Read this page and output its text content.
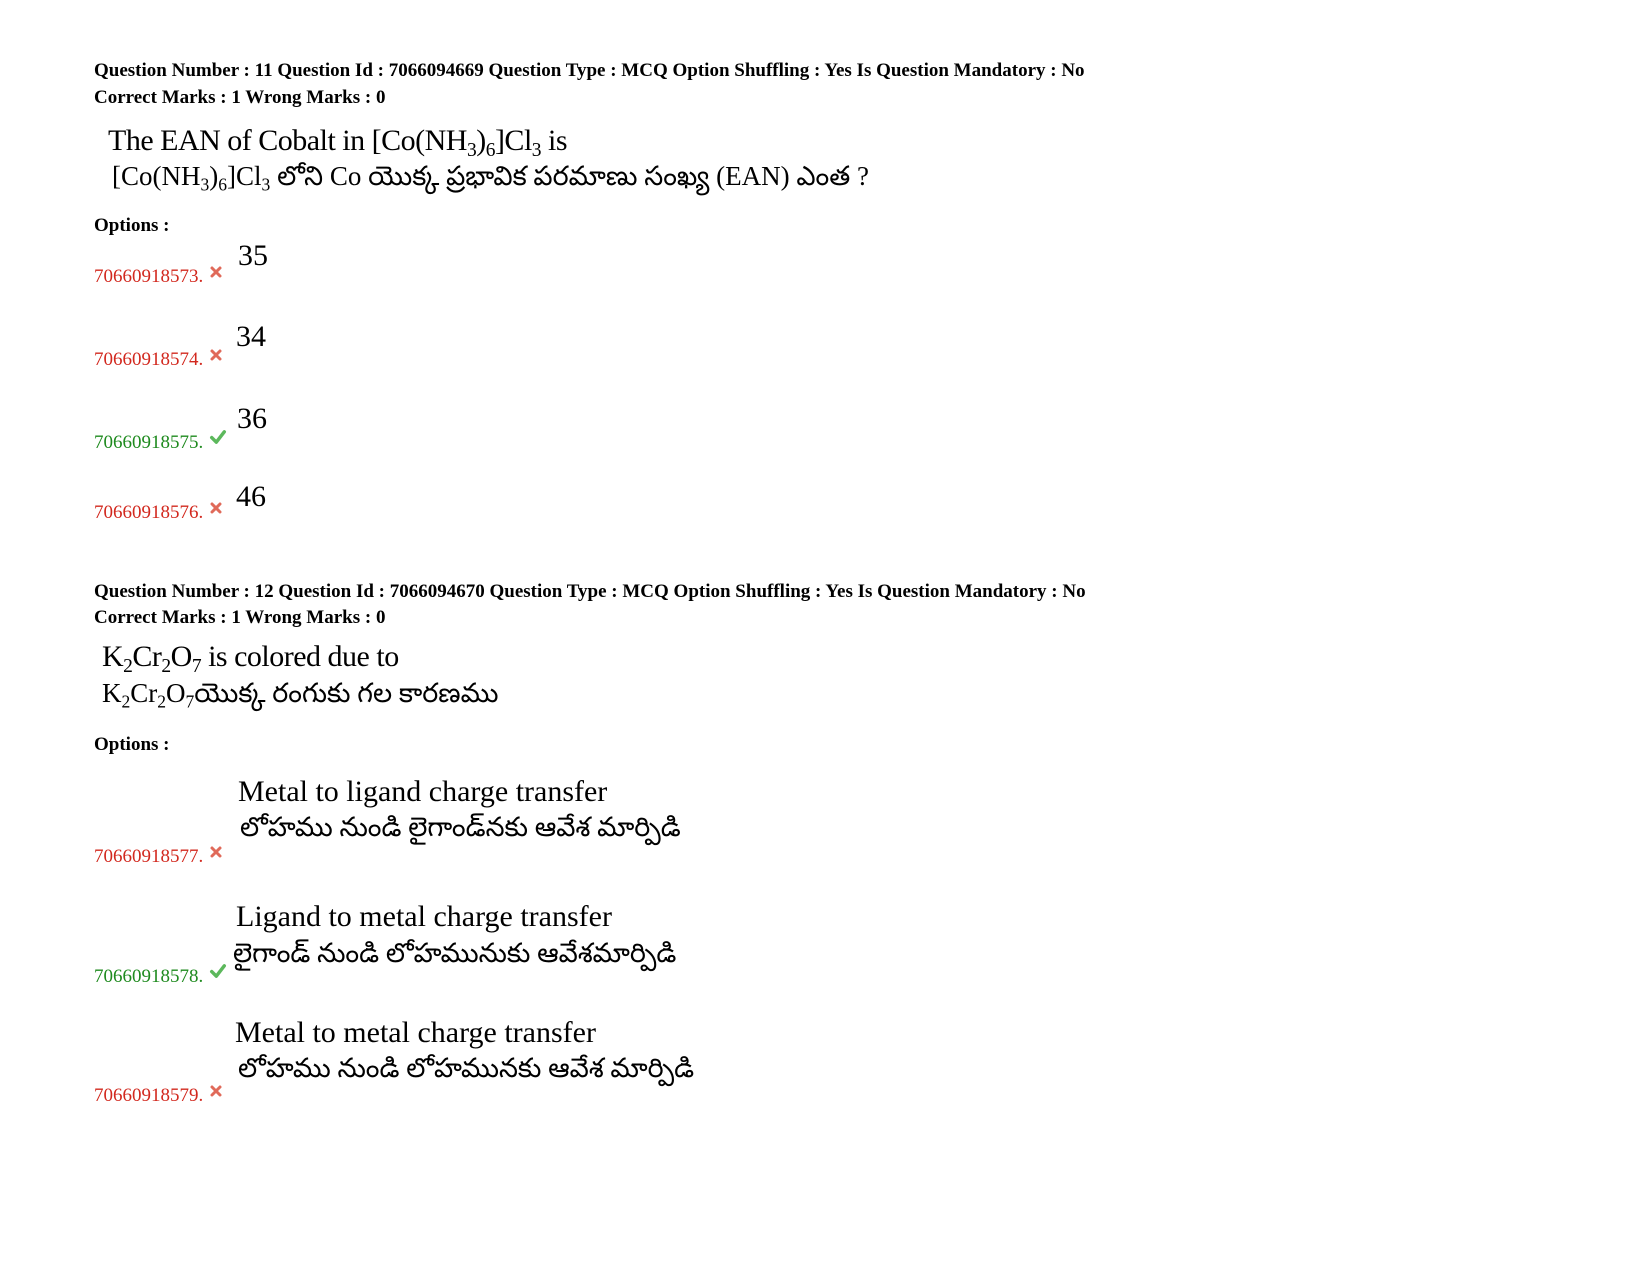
Question Number : 11 Question Id : 7066094669 Question Type : MCQ Option Shuffling : Yes Is Question Mandatory : No
Correct Marks : 1 Wrong Marks : 0
The EAN of Cobalt in $[Co(NH_3)_6]Cl_3$ is
$[Co(NH_3)_6]Cl_3$ లోని Co యొక్క ప్రభావిక పరమాణు సంఖ్య (EAN) ఎంత ?
Options :
70660918573.
35
70660918574.
34
70660918575.
36
70660918576.	46
Question Number : 12 Question Id : 7066094670 Question Type : MCQ Option Shuffling : Yes Is Question Mandatory : No
Correct Marks : 1 Wrong Marks : 0
$K_2Cr_2O_7$ is colored due to
$K_2Cr_2O_7యొక్క$ రంగుకు గల కారణము
Options :
Metal to ligand charge transfer
లోహము నుండి లైగాండ్‌నకు ఆవేశ మార్పిడి
70660918577.
Ligand to metal charge transfer
లైగాండ్ నుండి లోహమునుకు ఆవేశమార్పిడి
70660918578.
Metal to metal charge transfer
లోహము నుండి లోహమునకు ఆవేశ మార్పిడి
70660918579.
